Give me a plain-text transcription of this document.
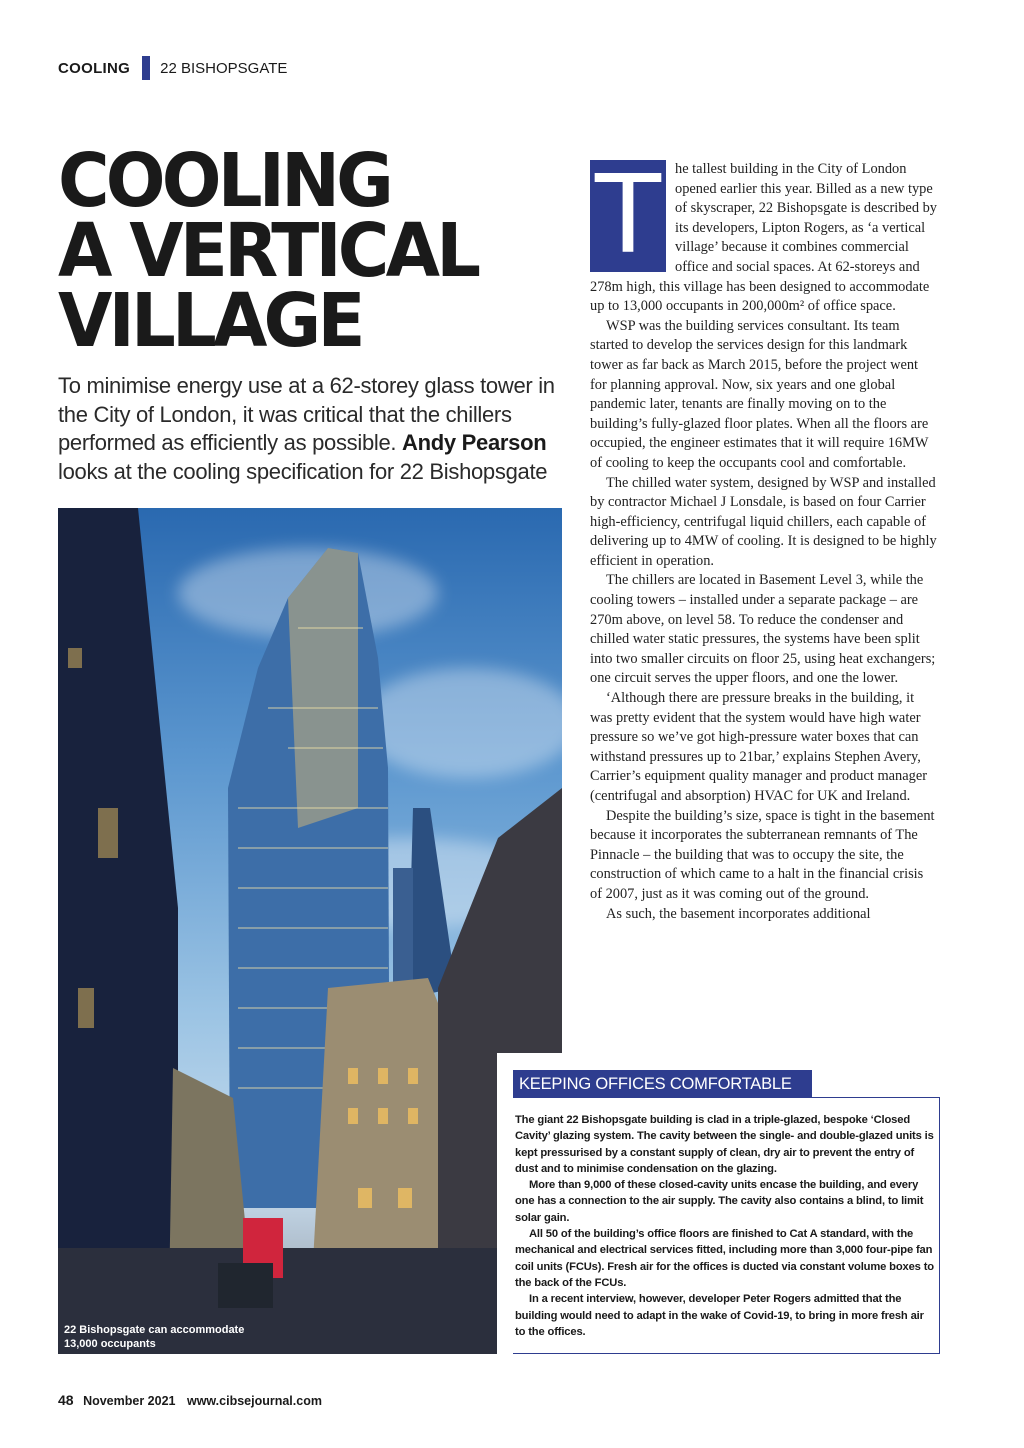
COOLING 22 BISHOPSGATE
COOLING
A VERTICAL
VILLAGE
To minimise energy use at a 62-storey glass tower in the City of London, it was critical that the chillers performed as efficiently as possible. Andy Pearson looks at the cooling specification for 22 Bishopsgate
22 Bishopsgate can accommodate 13,000 occupants

T he tallest building in the City of London opened earlier this year. Billed as a new type of skyscraper, 22 Bishopsgate is described by its developers, Lipton Rogers, as ‘a vertical village’ because it combines commercial office and social spaces. At 62-storeys and 278m high, this village has been designed to accommodate up to 13,000 occupants in 200,000m² of office space.

WSP was the building services consultant. Its team started to develop the services design for this landmark tower as far back as March 2015, before the project went for planning approval. Now, six years and one global pandemic later, tenants are finally moving on to the building’s fully-glazed floor plates. When all the floors are occupied, the engineer estimates that it will require 16MW of cooling to keep the occupants cool and comfortable.

The chilled water system, designed by WSP and installed by contractor Michael J Lonsdale, is based on four Carrier high-efficiency, centrifugal liquid chillers, each capable of delivering up to 4MW of cooling. It is designed to be highly efficient in operation.

The chillers are located in Basement Level 3, while the cooling towers – installed under a separate package – are 270m above, on level 58. To reduce the condenser and chilled water static pressures, the systems have been split into two smaller circuits on floor 25, using heat exchangers; one circuit serves the upper floors, and one the lower.

‘Although there are pressure breaks in the building, it was pretty evident that the system would have high water pressure so we’ve got high-pressure water boxes that can withstand pressures up to 21bar,’ explains Stephen Avery, Carrier’s equipment quality manager and product manager (centrifugal and absorption) HVAC for UK and Ireland.

Despite the building’s size, space is tight in the basement because it incorporates the subterranean remnants of The Pinnacle – the building that was to occupy the site, the construction of which came to a halt in the financial crisis of 2007, just as it was coming out of the ground.

As such, the basement incorporates additional

KEEPING OFFICES COMFORTABLE

The giant 22 Bishopsgate building is clad in a triple-glazed, bespoke ‘Closed Cavity’ glazing system. The cavity between the single- and double-glazed units is kept pressurised by a constant supply of clean, dry air to prevent the entry of dust and to minimise condensation on the glazing.

More than 9,000 of these closed-cavity units encase the building, and every one has a connection to the air supply. The cavity also contains a blind, to limit solar gain.

All 50 of the building’s office floors are finished to Cat A standard, with the mechanical and electrical services fitted, including more than 3,000 four-pipe fan coil units (FCUs). Fresh air for the offices is ducted via constant volume boxes to the back of the FCUs.

In a recent interview, however, developer Peter Rogers admitted that the building would need to adapt in the wake of Covid-19, to bring in more fresh air to the offices.

48 November 2021 www.cibsejournal.com
